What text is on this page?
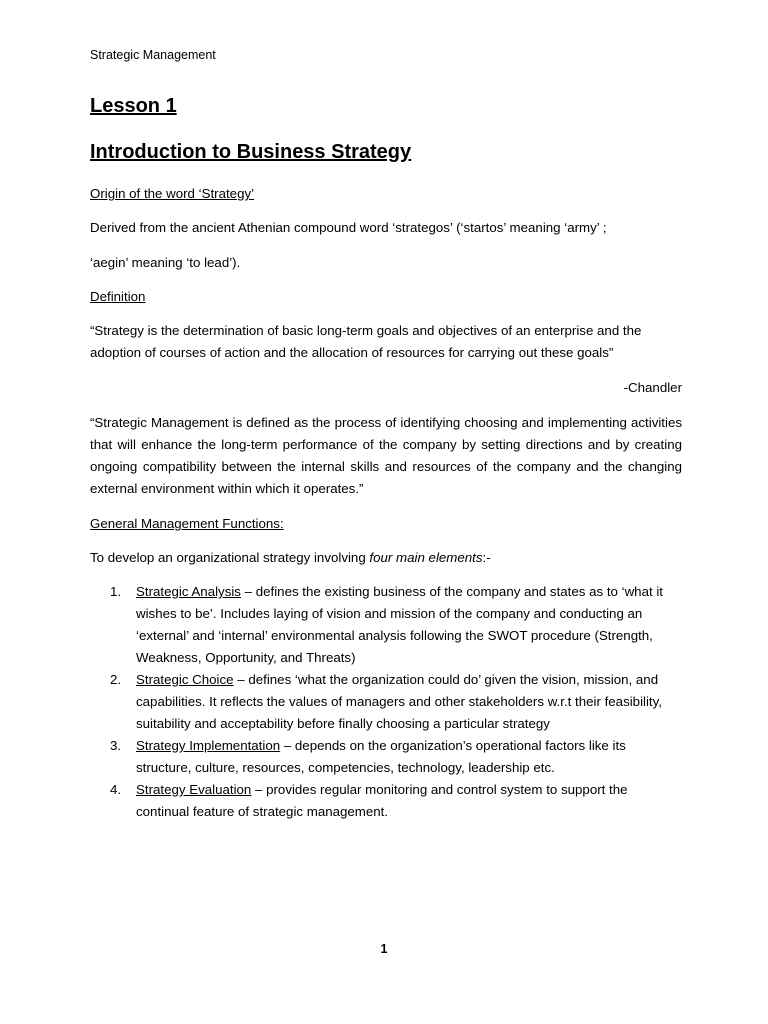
Strategic Management
Lesson 1
Introduction to Business Strategy
Origin of the word ‘Strategy’
Derived from the ancient Athenian compound word ‘strategos’ (‘startos’ meaning ‘army’ ;
‘aegin’ meaning ‘to lead’).
Definition
“Strategy is the determination of basic long-term goals and objectives of an enterprise and the adoption of courses of action and the allocation of resources for carrying out these goals”
-Chandler
“Strategic Management is defined as the process of identifying choosing and implementing activities that will enhance the long-term performance of the company by setting directions and by creating ongoing compatibility between the internal skills and resources of the company and the changing external environment within which it operates.”
General Management Functions:
To develop an organizational strategy involving four main elements:-
1. Strategic Analysis – defines the existing business of the company and states as to ‘what it wishes to be’. Includes laying of vision and mission of the company and conducting an ‘external’ and ‘internal’ environmental analysis following the SWOT procedure (Strength, Weakness, Opportunity, and Threats)
2. Strategic Choice – defines ‘what the organization could do’ given the vision, mission, and capabilities. It reflects the values of managers and other stakeholders w.r.t their feasibility, suitability and acceptability before finally choosing a particular strategy
3. Strategy Implementation – depends on the organization’s operational factors like its structure, culture, resources, competencies, technology, leadership etc.
4. Strategy Evaluation – provides regular monitoring and control system to support the continual feature of strategic management.
1
